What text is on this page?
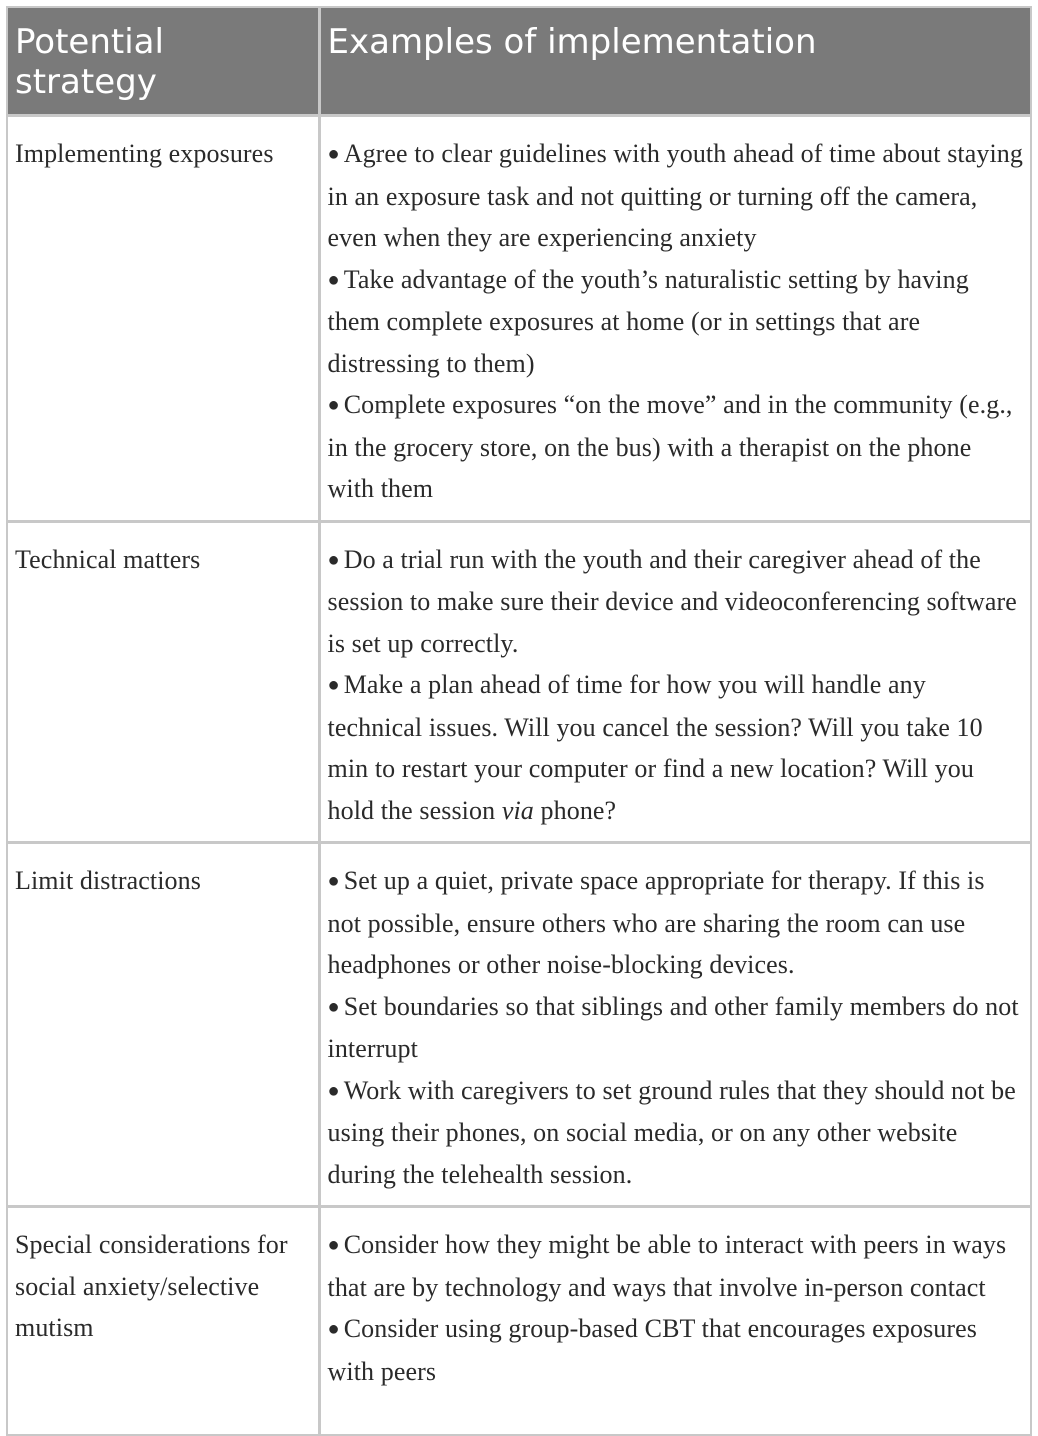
Potential strategy	Examples of implementation
Implementing exposures	● Agree to clear guidelines with youth ahead of time about staying in an exposure task and not quitting or turning off the camera, even when they are experiencing anxiety
● Take advantage of the youth’s naturalistic setting by having them complete exposures at home (or in settings that are distressing to them)
● Complete exposures “on the move” and in the community (e.g., in the grocery store, on the bus) with a therapist on the phone with them

Technical matters	● Do a trial run with the youth and their caregiver ahead of the session to make sure their device and videoconferencing software is set up correctly.
● Make a plan ahead of time for how you will handle any technical issues. Will you cancel the session? Will you take 10 min to restart your computer or find a new location? Will you hold the session via phone?

Limit distractions	● Set up a quiet, private space appropriate for therapy. If this is not possible, ensure others who are sharing the room can use headphones or other noise-blocking devices.
● Set boundaries so that siblings and other family members do not interrupt
● Work with caregivers to set ground rules that they should not be using their phones, on social media, or on any other website during the telehealth session.

Special considerations for social anxiety/selective mutism	● Consider how they might be able to interact with peers in ways that are by technology and ways that involve in-person contact
● Consider using group-based CBT that encourages exposures with peers
